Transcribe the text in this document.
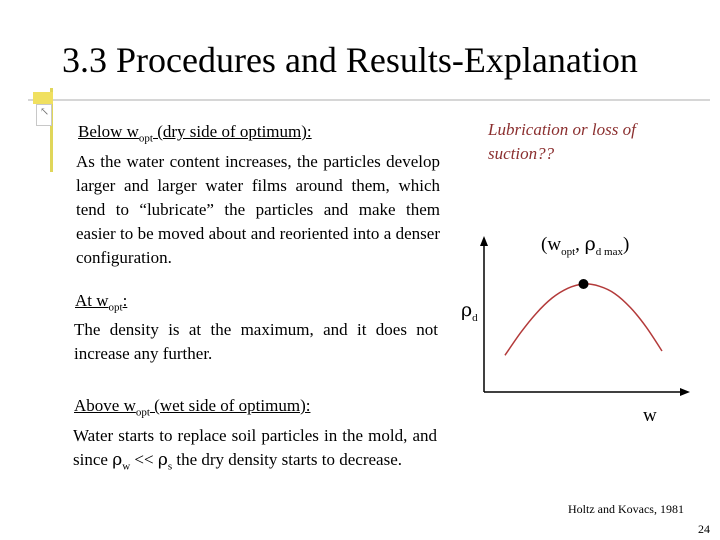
3.3 Procedures and Results-Explanation
↖
Below $w_{opt}$ (dry side of optimum):

As the water content increases, the particles develop larger and larger water films around them, which tend to “lubricate” the particles and make them easier to be moved about and reoriented into a denser configuration.

At $w_{opt}$:

The density is at the maximum, and it does not increase any further.

Above $w_{opt}$ (wet side of optimum):

Water starts to replace soil particles in the mold, and since $\rho_w << \rho_s$ the dry density starts to decrease.

Lubrication or loss of suction??
($w_{opt}$, $\rho_{d max}$)
$\rho_d$
w
Holtz and Kovacs, 1981
24
